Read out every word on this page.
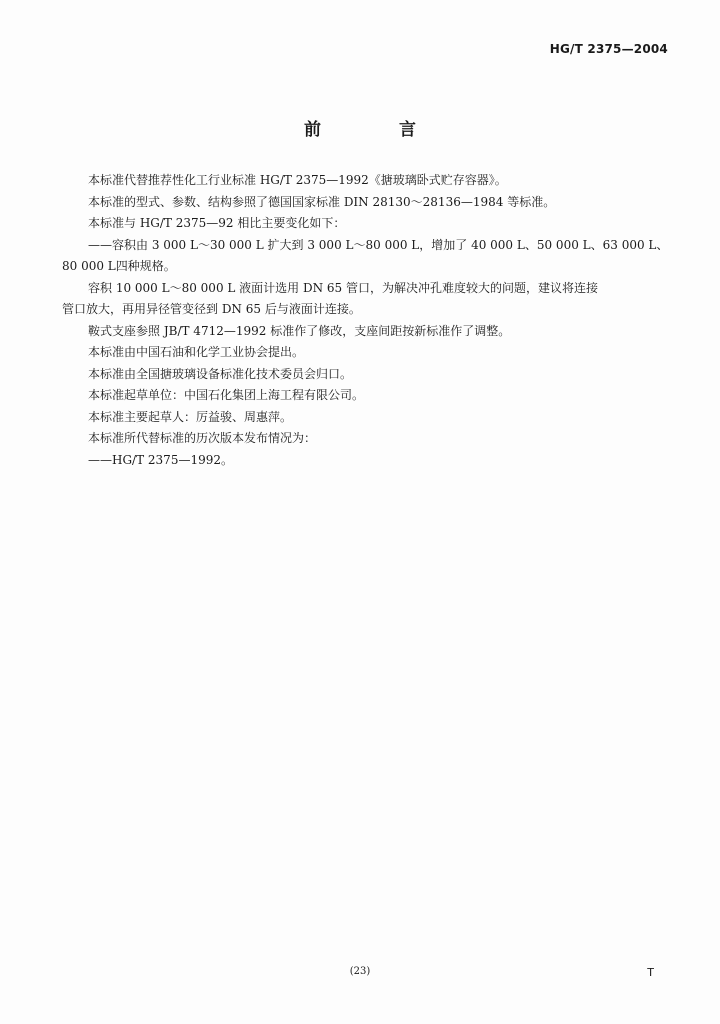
HG/T 2375—2004
前 言

本标准代替推荐性化工行业标准 HG/T 2375—1992《搪玻璃卧式贮存容器》。

本标准的型式、参数、结构参照了德国国家标准 DIN 28130～28136—1984 等标准。

本标准与 HG/T 2375—92 相比主要变化如下：

——容积由 3 000 L～30 000 L 扩大到 3 000 L～80 000 L，增加了 40 000 L、50 000 L、63 000 L、

80 000 L四种规格。

容积 10 000 L～80 000 L 液面计选用 DN 65 管口，为解决冲孔难度较大的问题，建议将连接

管口放大，再用异径管变径到 DN 65 后与液面计连接。

鞍式支座参照 JB/T 4712—1992 标准作了修改，支座间距按新标准作了调整。

本标准由中国石油和化学工业协会提出。

本标准由全国搪玻璃设备标准化技术委员会归口。

本标准起草单位：中国石化集团上海工程有限公司。

本标准主要起草人：厉益骏、周惠萍。

本标准所代替标准的历次版本发布情况为：

——HG/T 2375—1992。

(23)	T
